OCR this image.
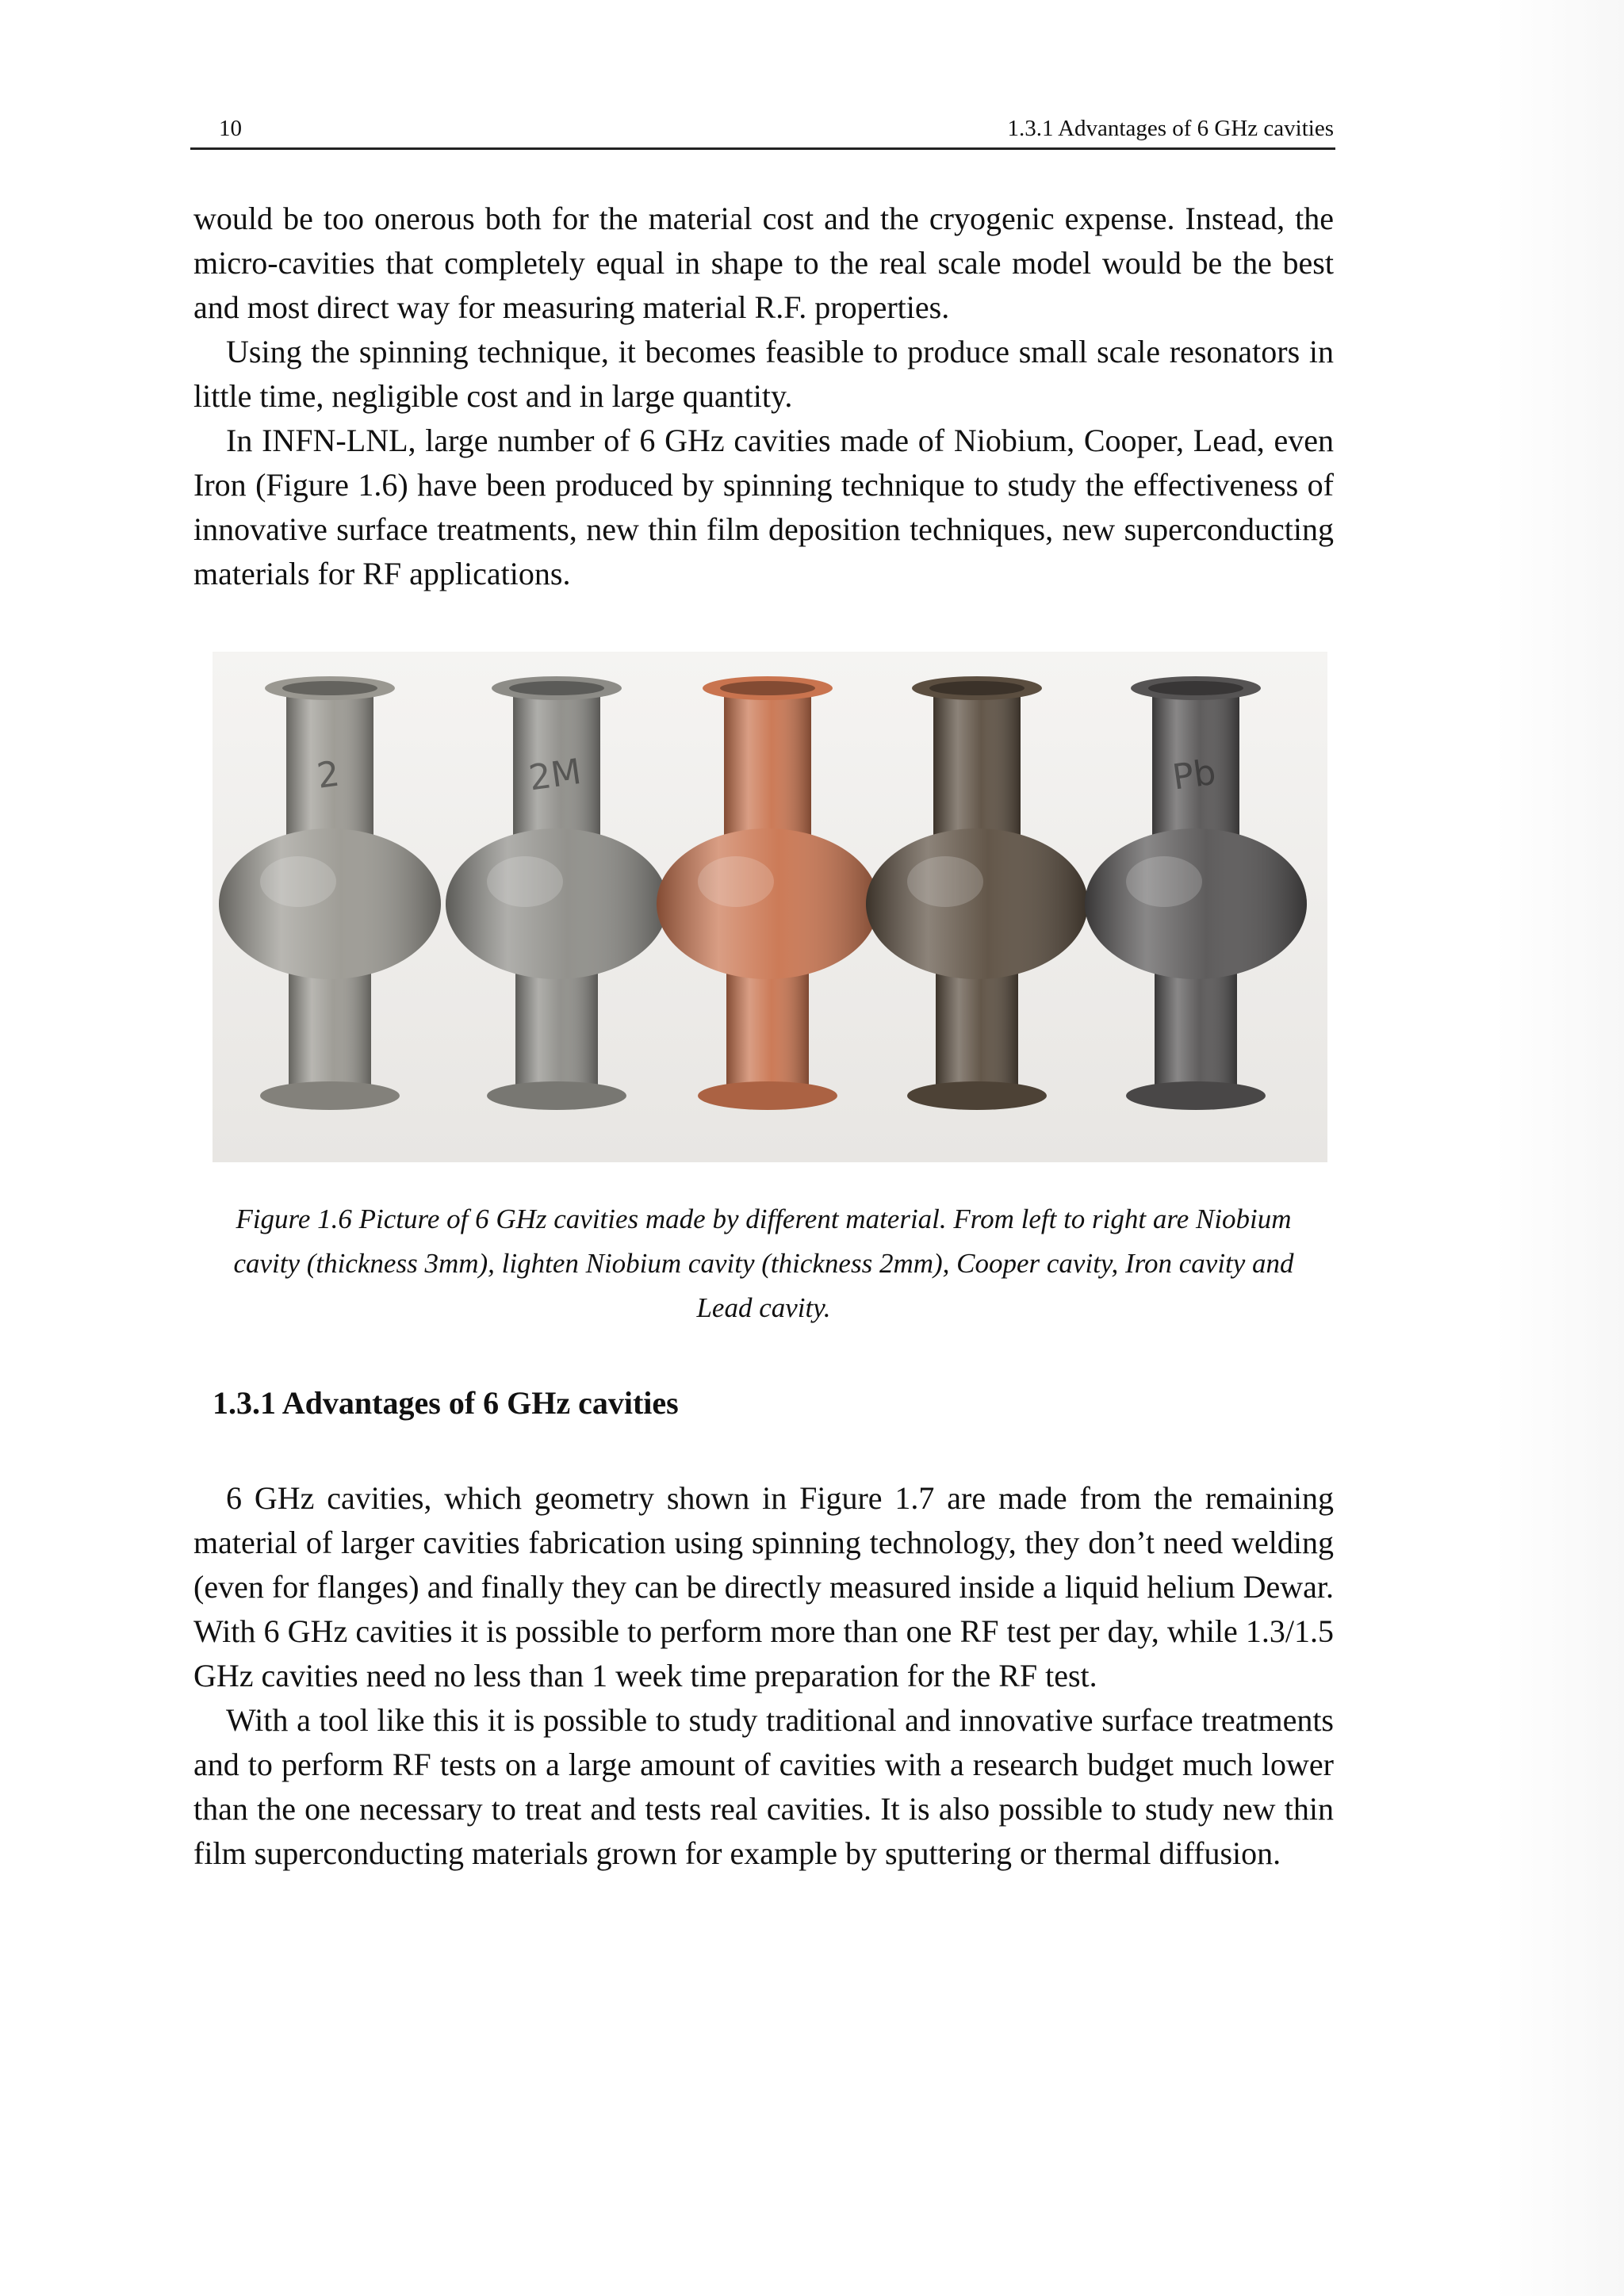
10	1.3.1 Advantages of 6 GHz cavities

would be too onerous both for the material cost and the cryogenic expense. Instead, the micro-cavities that completely equal in shape to the real scale model would be the best and most direct way for measuring material R.F. properties.

Using the spinning technique, it becomes feasible to produce small scale resonators in little time, negligible cost and in large quantity.

In INFN-LNL, large number of 6 GHz cavities made of Niobium, Cooper, Lead, even Iron (Figure 1.6) have been produced by spinning technique to study the effectiveness of innovative surface treatments, new thin film deposition techniques, new superconducting materials for RF applications.

2	2M	Pb

Figure 1.6 Picture of 6 GHz cavities made by different material. From left to right are Niobium

cavity (thickness 3mm), lighten Niobium cavity (thickness 2mm), Cooper cavity, Iron cavity and

Lead cavity.

1.3.1 Advantages of 6 GHz cavities

6 GHz cavities, which geometry shown in Figure 1.7 are made from the remaining material of larger cavities fabrication using spinning technology, they don’t need welding (even for flanges) and finally they can be directly measured inside a liquid helium Dewar. With 6 GHz cavities it is possible to perform more than one RF test per day, while 1.3/1.5 GHz cavities need no less than 1 week time preparation for the RF test.

With a tool like this it is possible to study traditional and innovative surface treatments and to perform RF tests on a large amount of cavities with a research budget much lower than the one necessary to treat and tests real cavities. It is also possible to study new thin film superconducting materials grown for example by sputtering or thermal diffusion.
